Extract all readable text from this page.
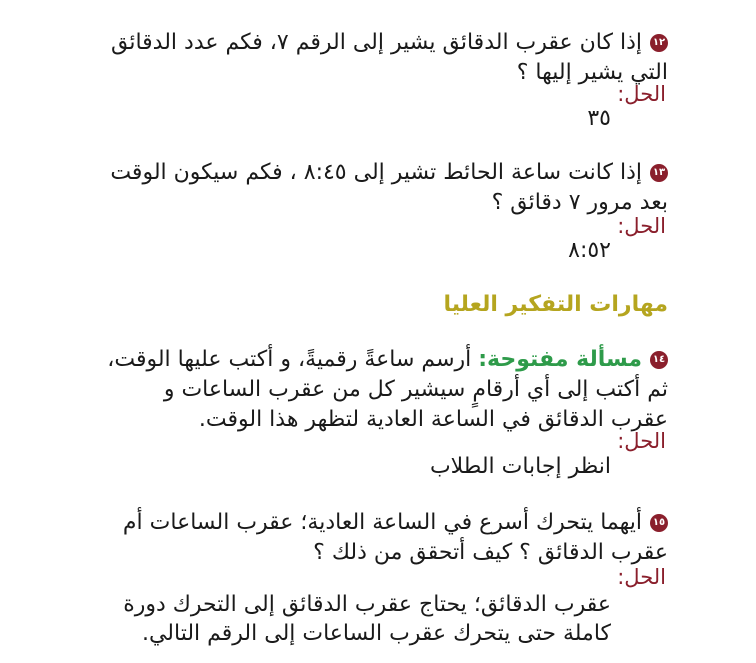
١٢إذا كان عقرب الدقائق يشير إلى الرقم ٧، فكم عدد الدقائق
التي يشير إليها ؟
الحل:
٣٥
١٣إذا كانت ساعة الحائط تشير إلى ٨:٤٥ ، فكم سيكون الوقت
بعد مرور ٧ دقائق ؟
الحل:
٨:٥٢
مهارات التفكير العليا
١٤مسألة مفتوحة: أرسم ساعةً رقميةً، و أكتب عليها الوقت،
ثم أكتب إلى أي أرقامٍ سيشير كل من عقرب الساعات و
عقرب الدقائق في الساعة العادية لتظهر هذا الوقت.
الحل:
انظر إجابات الطلاب
١٥أيهما يتحرك أسرع في الساعة العادية؛ عقرب الساعات أم
عقرب الدقائق ؟ كيف أتحقق من ذلك ؟
الحل:
عقرب الدقائق؛ يحتاج عقرب الدقائق إلى التحرك دورة
كاملة حتى يتحرك عقرب الساعات إلى الرقم التالي.
